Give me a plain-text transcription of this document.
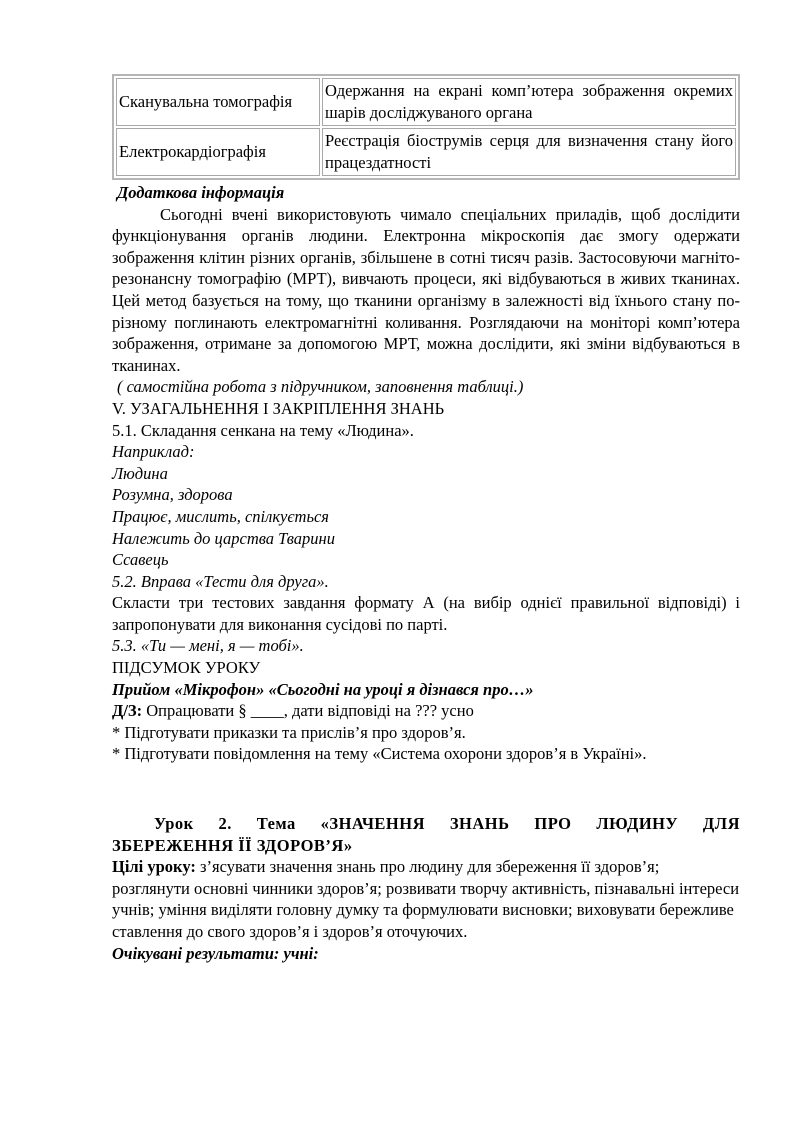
Сканувальна томографія	Одержання на екрані комп’ютера зображення окремих шарів досліджуваного органа
Електрокардіографія	Реєстрація біострумів серця для визначення стану його працездатності

Додаткова інформація

Сьогодні вчені використовують чимало спеціальних приладів, щоб дослідити функціонування органів людини. Електронна мікроскопія дає змогу одержати зображення клітин різних органів, збільшене в сотні тисяч разів. Застосовуючи магніто-резонансну томографію (МРТ), вивчають процеси, які відбуваються в живих тканинах. Цей метод базується на тому, що тканини організму в залежності від їхнього стану по-різному поглинають електромагнітні коливання. Розглядаючи на моніторі комп’ютера зображення, отримане за допомогою МРТ, можна дослідити, які зміни відбуваються в тканинах.

( самостійна робота з підручником, заповнення таблиці.)

V. УЗАГАЛЬНЕННЯ І ЗАКРІПЛЕННЯ ЗНАНЬ

5.1. Складання сенкана на тему «Людина».

Наприклад:

Людина

Розумна, здорова

Працює, мислить, спілкується

Належить до царства Тварини

Ссавець

5.2. Вправа «Тести для друга».

Скласти три тестових завдання формату А (на вибір однієї правильної відповіді) і запропонувати для виконання сусідові по парті.

5.3. «Ти — мені, я — тобі».

ПІДСУМОК УРОКУ

Прийом «Мікрофон» «Сьогодні на уроці я дізнався про…»

Д/З: Опрацювати § ____, дати відповіді на ??? усно

* Підготувати приказки та прислів’я про здоров’я.

* Підготувати повідомлення на тему «Система охорони здоров’я в Україні».

Урок 2. Тема «ЗНАЧЕННЯ ЗНАНЬ ПРО ЛЮДИНУ ДЛЯ

ЗБЕРЕЖЕННЯ ЇЇ ЗДОРОВ’Я»

Цілі уроку: з’ясувати значення знань про людину для збереження її здоров’я; розглянути основні чинники здоров’я; розвивати творчу активність, пізнавальні інтереси учнів; уміння виділяти головну думку та формулювати висновки; виховувати бережливе ставлення до свого здоров’я і здоров’я оточуючих.

Очікувані результати: учні:
